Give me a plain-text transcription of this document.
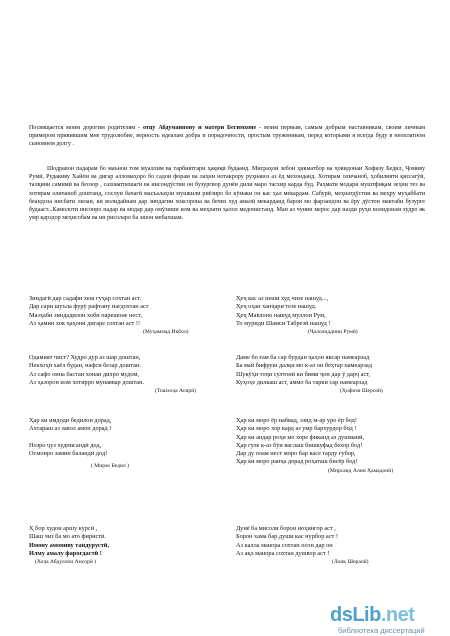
Посвящается моим дорогим родителям - отцу Абдуманнону и матери Бегимхоне - моим первым, самым добрым наставникам, своим личным примером привившим мне трудолюбие, верность идеалам добра и порядочности, простым труженикам, перед которыми я всегда буду в неоплатном сыновнем долгу .

Шодравон падарам бо маънои том муаллим ва тарбиятгари ҳақиқӣ будаанд. Мисраҳои зебои ҳикматбор ва ҷовидонаи Хофизу Бедил, Ҷомиву Румӣ, Рудакиву Хайём ва дигар алломаҳоро бо садои форам ва лаҳни нотакрору руҳнавоз аз ёд мехонданд. Хотирам оличаноб, ҳобилияти қиссагӯӣ, талқини самимӣ ва беозор , саховатпешагӣ ва инсондӯстии он бузургвор дунёи дили маро тасхир карда буд. Раҳмати модари муштфиқам зеҳни тез ва хотирам оличаноб доштанд, сослуи бачагӣ масъалаҳои мушкили риёзиро бо кӯмаки он кас ҳал мекардам. Сабурӣ, меҳнатдӯстии ва меҳру муҳаббати беандоза нисбати оилаи, ки волидайнам дар зиндагии хоксорона ва бечиз худ амалӣ мекарданд барои мо фарзандон ва ёру дӯстон мактаби бузурге будааст...Камолоти инсонро падар ва модар дар омӯзиши илм ва меҳнати ҳалол медонистанд. Ман аз чунин мерос дар назди руҳи волидонам худро як умр қарздор меҳисобам ва ин рисоларо ба эшон мебахшам.

Зиндагӣ дар садафи хеш гуҳар сохтан аст.
Дар сари шуъла фурӯ рафтану нагдохтан аст
Мазҳаби зиндадилон хоби парешоне нест,
Аз ҳамин хок ҷаҳони дигаре сохтан аст !!
(Муҳаммад Иқбол)
Ҳеҷ кас аз пеши худ чизе нашуд...,
Ҳеҷ оҳан ханҷари тезе нашуд.
Ҳеҷ Мавлоно нашуд муллои Рум,
То муриди Шамси Табрезӣ нашуд !
(Ҷалолиддини Румӣ)
Одамият чист? Худро дур аз шар доштан,
Некхоҳӣ хаёл будан, нафси безар доштан.
Аз сафо оина бастан хонаи дилро мудом,
Аз ҳазорон илм хотирро мунаввар доштан.
(Тошхоҷа Асирӣ)
Даме бо ғам ба сар бурдан ҷаҳон яксар намеарзад
Ба май бифруш далқи мо к-аз он беҳтар намеарзад
Шукӯҳи тоҷи султонӣ ки бими ҷон дар ӯ дарҷ аст,
Куҳоҳе дилкаш аст, аммо ба тарки сар намеарзад
(Ҳофизи Шерозӣ)
Ҳар ки имдоди бедилон дорад,
Ахтараш аз завол амон дорад !
Нозро ҷуз худписандӣ дод,
Осмонро замин баландӣ дод!
( Мирзо Бедил )
Ҳар ки моро ёр набвад, эзид м-ар уро ёр бод!
Ҳар ки моро хор кард аз умр бархурдор бод !
Ҳар ки андар роҳи мо хоре фиканд аз душманӣ,
Ҳар гуле к-аз бӯи васлаш бишкуфад бехор бод!
Дар ду олам нест моро бар касе гарду ғубор,
Ҳар ки моро ранҷа дорад роҳаташ бисёр бод!
(Мирсаид Алии Ҳамадонӣ)
Ҳ бор худои аршу курсӣ ,
Шаш чиз ба мо ато фиристӣ.
Имону амониву тандурустӣ,
Илму амалу фароғдастӣ !
(Хоҷа Абдуллои Ансорӣ )
Дунё ба мисоли борон ноҳингор аст ,
Борон хама бар души кас нурбор аст !
Аз калла манора сохтан осон дар он
Аз ақл манора сохтан душвор аст !
(Лоиқ Шералӣ)
dsLib.net
библиотека диссертаций
